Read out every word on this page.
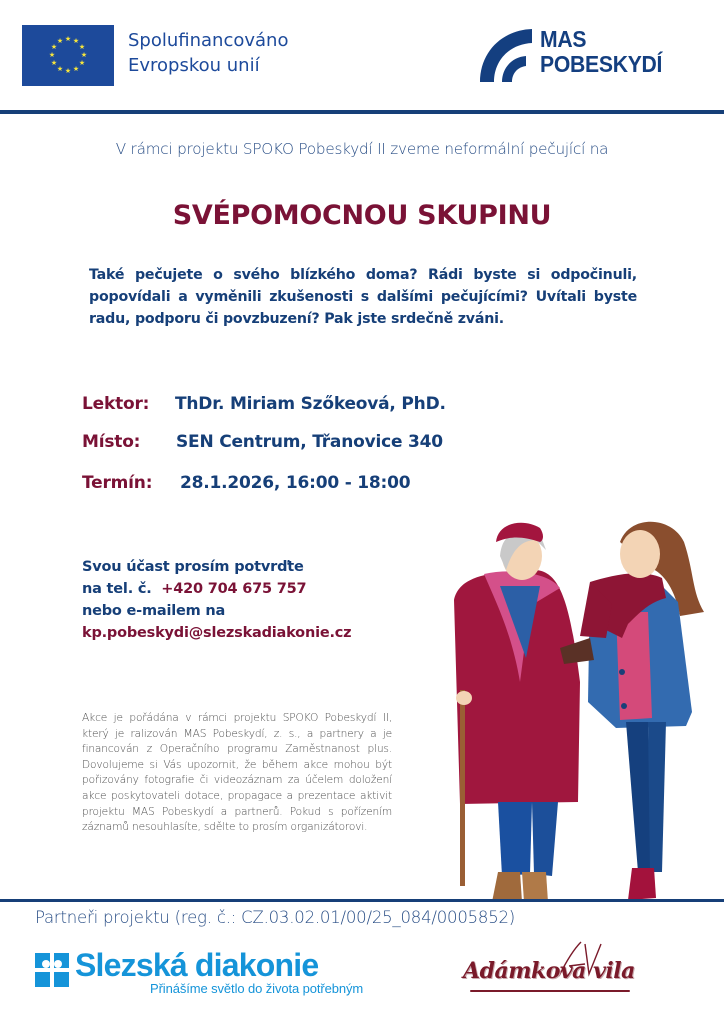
★ ★
★
★
★
★
★
★
★
★
★
★	Spolufinancováno
Evropskou unií
MAS
POBESKYDÍ
V rámci projektu SPOKO Pobeskydí II zveme neformální pečující na
SVÉPOMOCNOU SKUPINU
Také pečujete o svého blízkého doma? Rádi byste si odpočinuli, popovídali a vyměnili zkušenosti s dalšími pečujícími? Uvítali byste radu, podporu či povzbuzení? Pak jste srdečně zváni.
Lektor: ThDr. Miriam Szőkeová, PhD.
Místo: SEN Centrum, Třanovice 340
Termín: 28.1.2026, 16:00 - 18:00
Svou účast prosím potvrďte
na tel. č. +420 704 675 757
nebo e-mailem na
kp.pobeskydi@slezskadiakonie.cz
Akce je pořádána v rámci projektu SPOKO Pobeskydí II, který je ralizován MAS Pobeskydí, z. s., a partnery a je financován z Operačního programu Zaměstnanost plus. Dovolujeme si Vás upozornit, že během akce mohou být pořizovány fotografie či videozáznam za účelem doložení akce poskytovateli dotace, propagace a prezentace aktivit projektu MAS Pobeskydí a partnerů. Pokud s pořízením záznamů nesouhlasíte, sdělte to prosím organizátorovi.
Partneři projektu (reg. č.: CZ.03.02.01/00/25_084/0005852)
Slezská diakonie
Přinášíme světlo do života potřebným
Adámkova vila
